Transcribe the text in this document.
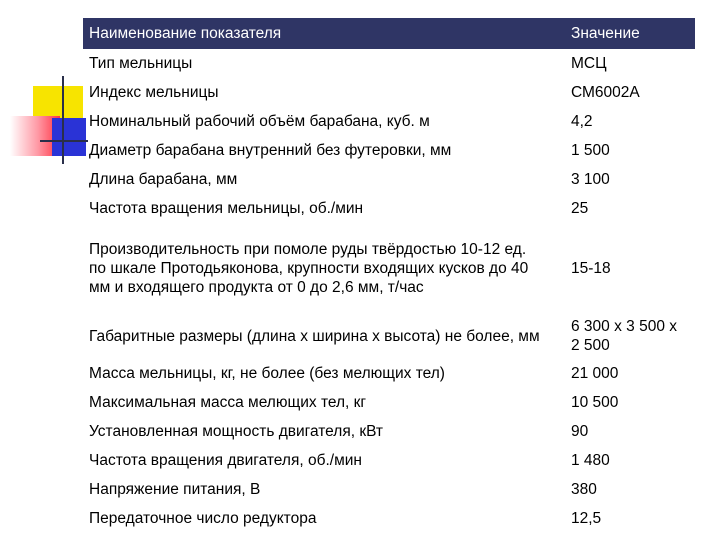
Наименование показателя	Значение
Тип мельницы	МСЦ
Индекс мельницы	СМ6002А
Номинальный рабочий объём барабана, куб. м	4,2
Диаметр барабана внутренний без футеровки, мм	1 500
Длина барабана, мм	3 100
Частота вращения мельницы, об./мин	25
Производительность при помоле руды твёрдостью 10-12 ед. по шкале Протодьяконова, крупности входящих кусков до 40 мм и входящего продукта от 0 до 2,6 мм, т/час	15-18
Габаритные размеры (длина х ширина х высота) не более, мм	6 300 х 3 500 х 2 500
Масса мельницы, кг, не более (без мелющих тел)	21 000
Максимальная масса мелющих тел, кг	10 500
Установленная мощность двигателя, кВт	90
Частота вращения двигателя, об./мин	1 480
Напряжение питания, В	380
Передаточное число редуктора	12,5
